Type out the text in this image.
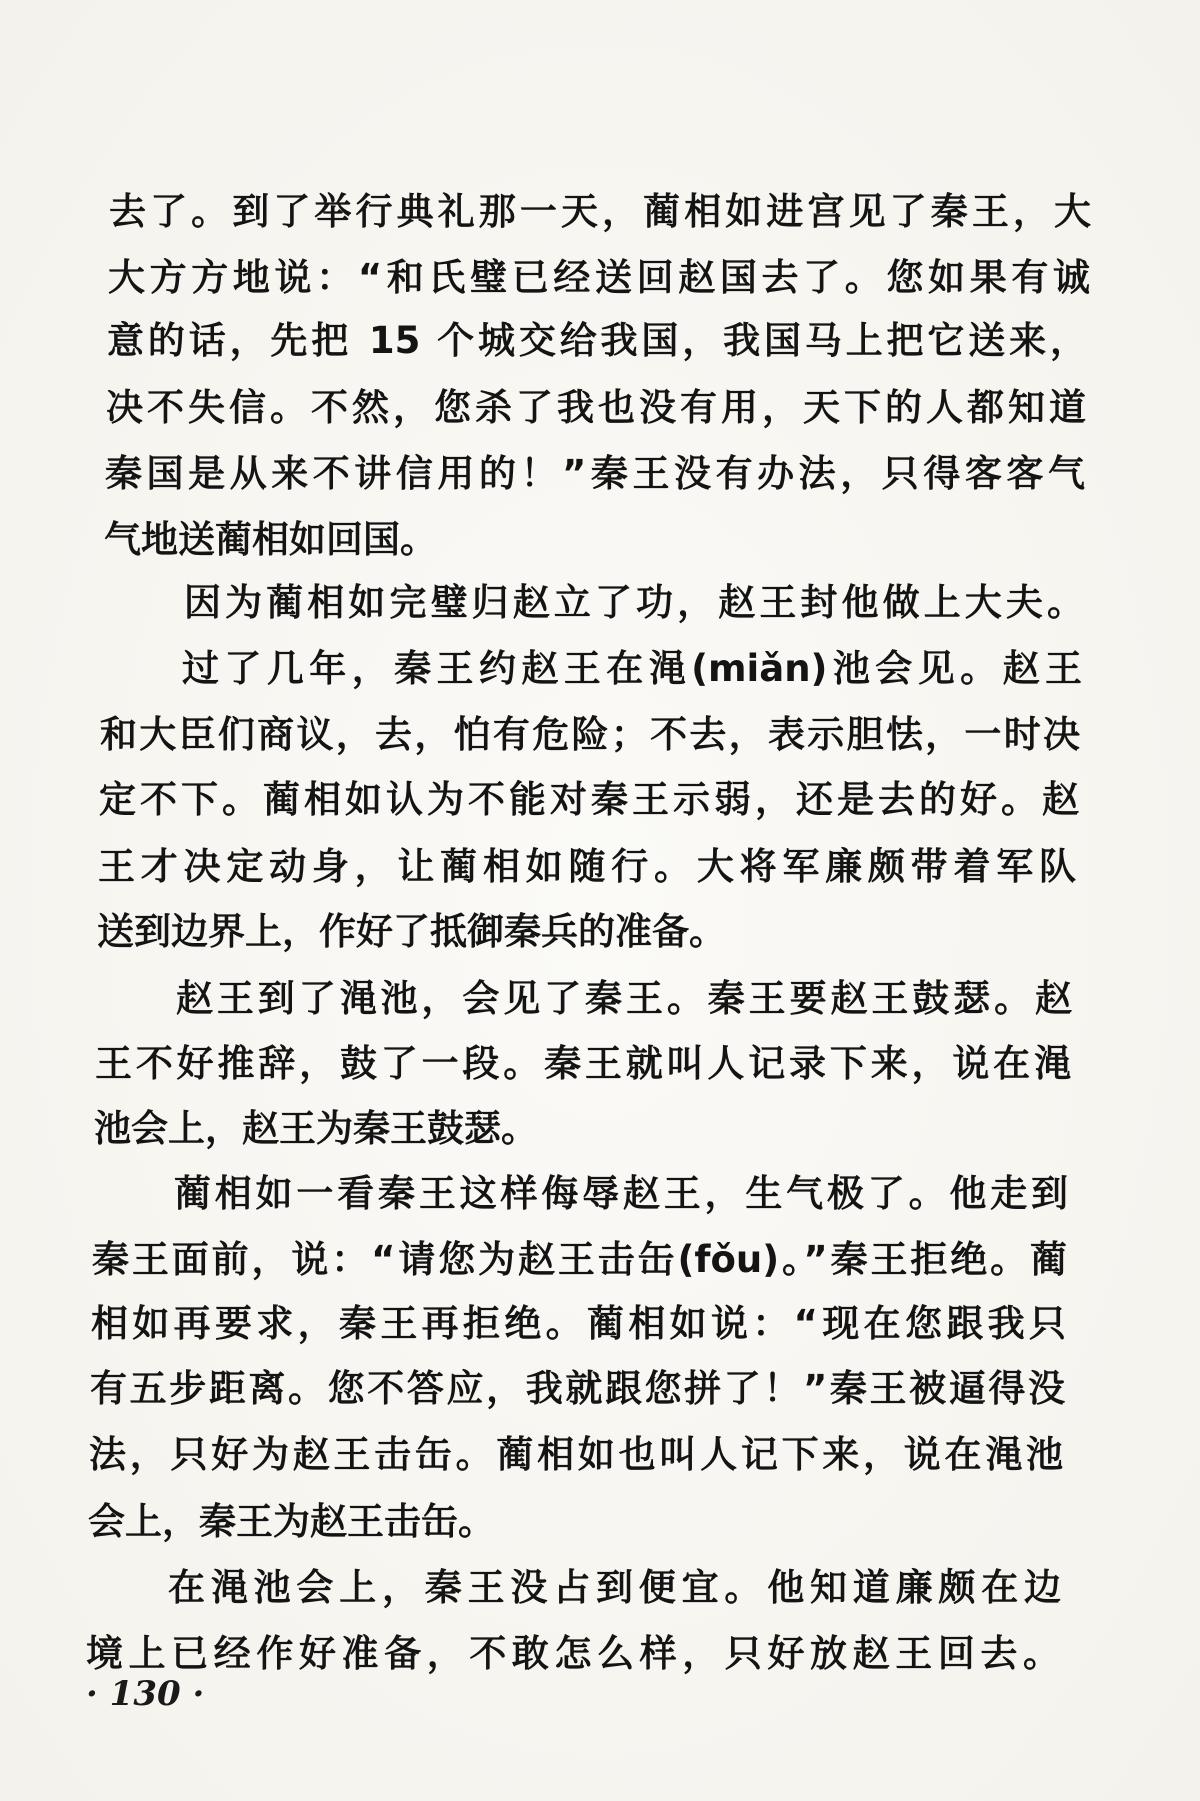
去了。到了举行典礼那一天，蔺相如进宫见了秦王，大
大方方地说：“和氏璧已经送回赵国去了。您如果有诚
意的话，先把 15 个城交给我国，我国马上把它送来，
决不失信。不然，您杀了我也没有用，天下的人都知道
秦国是从来不讲信用的！”秦王没有办法，只得客客气
气地送蔺相如回国。
因为蔺相如完璧归赵立了功，赵王封他做上大夫。
过了几年，秦王约赵王在渑(miǎn)池会见。赵王
和大臣们商议，去，怕有危险；不去，表示胆怯，一时决
定不下。蔺相如认为不能对秦王示弱，还是去的好。赵
王才决定动身，让蔺相如随行。大将军廉颇带着军队
送到边界上，作好了抵御秦兵的准备。
赵王到了渑池，会见了秦王。秦王要赵王鼓瑟。赵
王不好推辞，鼓了一段。秦王就叫人记录下来，说在渑
池会上，赵王为秦王鼓瑟。
蔺相如一看秦王这样侮辱赵王，生气极了。他走到
秦王面前，说：“请您为赵王击缶(fǒu)。”秦王拒绝。蔺
相如再要求，秦王再拒绝。蔺相如说：“现在您跟我只
有五步距离。您不答应，我就跟您拼了！”秦王被逼得没
法，只好为赵王击缶。蔺相如也叫人记下来，说在渑池
会上，秦王为赵王击缶。
在渑池会上，秦王没占到便宜。他知道廉颇在边
境上已经作好准备，不敢怎么样，只好放赵王回去。
· 130 ·
